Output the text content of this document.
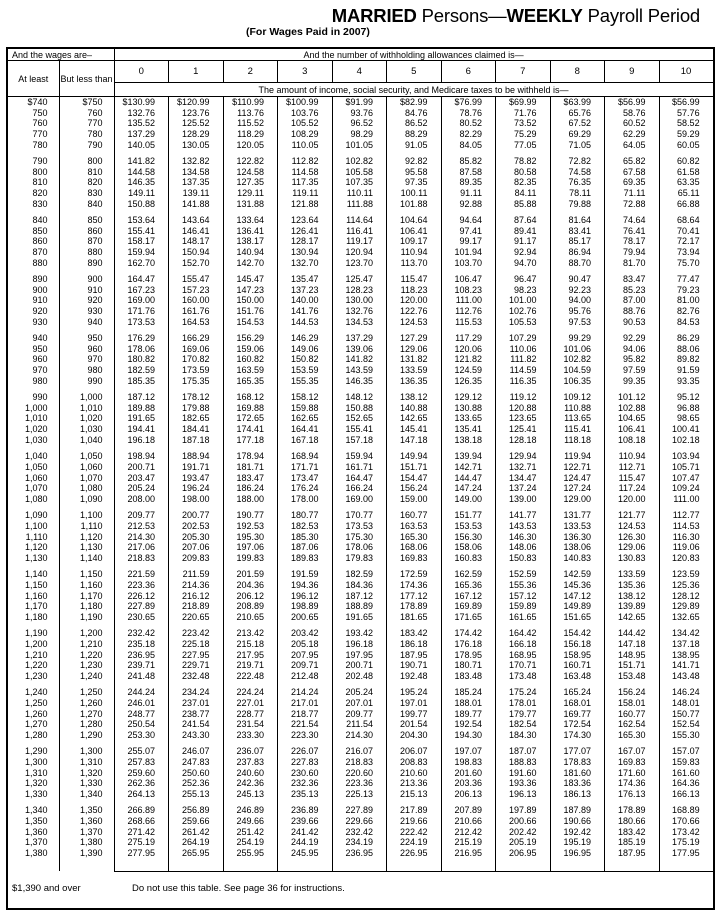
MARRIED Persons—WEEKLY Payroll Period
(For Wages Paid in 2007)
And the wages are–		And the number of withholding allowances claimed is—										
At least	But less than	0	1	2	3	4	5	6	7	8	9	10
		The amount of income, social security, and Medicare taxes to be withheld is—										
$740	$750	$130.99	$120.99	$110.99	$100.99	$91.99	$82.99	$76.99	$69.99	$63.99	$56.99	$56.99
750	760	132.76	123.76	113.76	103.76	93.76	84.76	78.76	71.76	65.76	58.76	57.76
760	770	135.52	125.52	115.52	105.52	96.52	86.52	80.52	73.52	67.52	60.52	58.52
770	780	137.29	128.29	118.29	108.29	98.29	88.29	82.29	75.29	69.29	62.29	59.29
780	790	140.05	130.05	120.05	110.05	101.05	91.05	84.05	77.05	71.05	64.05	60.05

790	800	141.82	132.82	122.82	112.82	102.82	92.82	85.82	78.82	72.82	65.82	60.82
800	810	144.58	134.58	124.58	114.58	105.58	95.58	87.58	80.58	74.58	67.58	61.58
810	820	146.35	137.35	127.35	117.35	107.35	97.35	89.35	82.35	76.35	69.35	63.35
820	830	149.11	139.11	129.11	119.11	110.11	100.11	91.11	84.11	78.11	71.11	65.11
830	840	150.88	141.88	131.88	121.88	111.88	101.88	92.88	85.88	79.88	72.88	66.88

840	850	153.64	143.64	133.64	123.64	114.64	104.64	94.64	87.64	81.64	74.64	68.64
850	860	155.41	146.41	136.41	126.41	116.41	106.41	97.41	89.41	83.41	76.41	70.41
860	870	158.17	148.17	138.17	128.17	119.17	109.17	99.17	91.17	85.17	78.17	72.17
870	880	159.94	150.94	140.94	130.94	120.94	110.94	101.94	92.94	86.94	79.94	73.94
880	890	162.70	152.70	142.70	132.70	123.70	113.70	103.70	94.70	88.70	81.70	75.70

890	900	164.47	155.47	145.47	135.47	125.47	115.47	106.47	96.47	90.47	83.47	77.47
900	910	167.23	157.23	147.23	137.23	128.23	118.23	108.23	98.23	92.23	85.23	79.23
910	920	169.00	160.00	150.00	140.00	130.00	120.00	111.00	101.00	94.00	87.00	81.00
920	930	171.76	161.76	151.76	141.76	132.76	122.76	112.76	102.76	95.76	88.76	82.76
930	940	173.53	164.53	154.53	144.53	134.53	124.53	115.53	105.53	97.53	90.53	84.53

940	950	176.29	166.29	156.29	146.29	137.29	127.29	117.29	107.29	99.29	92.29	86.29
950	960	178.06	169.06	159.06	149.06	139.06	129.06	120.06	110.06	101.06	94.06	88.06
960	970	180.82	170.82	160.82	150.82	141.82	131.82	121.82	111.82	102.82	95.82	89.82
970	980	182.59	173.59	163.59	153.59	143.59	133.59	124.59	114.59	104.59	97.59	91.59
980	990	185.35	175.35	165.35	155.35	146.35	136.35	126.35	116.35	106.35	99.35	93.35

990	1,000	187.12	178.12	168.12	158.12	148.12	138.12	129.12	119.12	109.12	101.12	95.12
1,000	1,010	189.88	179.88	169.88	159.88	150.88	140.88	130.88	120.88	110.88	102.88	96.88
1,010	1,020	191.65	182.65	172.65	162.65	152.65	142.65	133.65	123.65	113.65	104.65	98.65
1,020	1,030	194.41	184.41	174.41	164.41	155.41	145.41	135.41	125.41	115.41	106.41	100.41
1,030	1,040	196.18	187.18	177.18	167.18	157.18	147.18	138.18	128.18	118.18	108.18	102.18

1,040	1,050	198.94	188.94	178.94	168.94	159.94	149.94	139.94	129.94	119.94	110.94	103.94
1,050	1,060	200.71	191.71	181.71	171.71	161.71	151.71	142.71	132.71	122.71	112.71	105.71
1,060	1,070	203.47	193.47	183.47	173.47	164.47	154.47	144.47	134.47	124.47	115.47	107.47
1,070	1,080	205.24	196.24	186.24	176.24	166.24	156.24	147.24	137.24	127.24	117.24	109.24
1,080	1,090	208.00	198.00	188.00	178.00	169.00	159.00	149.00	139.00	129.00	120.00	111.00

1,090	1,100	209.77	200.77	190.77	180.77	170.77	160.77	151.77	141.77	131.77	121.77	112.77
1,100	1,110	212.53	202.53	192.53	182.53	173.53	163.53	153.53	143.53	133.53	124.53	114.53
1,110	1,120	214.30	205.30	195.30	185.30	175.30	165.30	156.30	146.30	136.30	126.30	116.30
1,120	1,130	217.06	207.06	197.06	187.06	178.06	168.06	158.06	148.06	138.06	129.06	119.06
1,130	1,140	218.83	209.83	199.83	189.83	179.83	169.83	160.83	150.83	140.83	130.83	120.83

1,140	1,150	221.59	211.59	201.59	191.59	182.59	172.59	162.59	152.59	142.59	133.59	123.59
1,150	1,160	223.36	214.36	204.36	194.36	184.36	174.36	165.36	155.36	145.36	135.36	125.36
1,160	1,170	226.12	216.12	206.12	196.12	187.12	177.12	167.12	157.12	147.12	138.12	128.12
1,170	1,180	227.89	218.89	208.89	198.89	188.89	178.89	169.89	159.89	149.89	139.89	129.89
1,180	1,190	230.65	220.65	210.65	200.65	191.65	181.65	171.65	161.65	151.65	142.65	132.65

1,190	1,200	232.42	223.42	213.42	203.42	193.42	183.42	174.42	164.42	154.42	144.42	134.42
1,200	1,210	235.18	225.18	215.18	205.18	196.18	186.18	176.18	166.18	156.18	147.18	137.18
1,210	1,220	236.95	227.95	217.95	207.95	197.95	187.95	178.95	168.95	158.95	148.95	138.95
1,220	1,230	239.71	229.71	219.71	209.71	200.71	190.71	180.71	170.71	160.71	151.71	141.71
1,230	1,240	241.48	232.48	222.48	212.48	202.48	192.48	183.48	173.48	163.48	153.48	143.48

1,240	1,250	244.24	234.24	224.24	214.24	205.24	195.24	185.24	175.24	165.24	156.24	146.24
1,250	1,260	246.01	237.01	227.01	217.01	207.01	197.01	188.01	178.01	168.01	158.01	148.01
1,260	1,270	248.77	238.77	228.77	218.77	209.77	199.77	189.77	179.77	169.77	160.77	150.77
1,270	1,280	250.54	241.54	231.54	221.54	211.54	201.54	192.54	182.54	172.54	162.54	152.54
1,280	1,290	253.30	243.30	233.30	223.30	214.30	204.30	194.30	184.30	174.30	165.30	155.30

1,290	1,300	255.07	246.07	236.07	226.07	216.07	206.07	197.07	187.07	177.07	167.07	157.07
1,300	1,310	257.83	247.83	237.83	227.83	218.83	208.83	198.83	188.83	178.83	169.83	159.83
1,310	1,320	259.60	250.60	240.60	230.60	220.60	210.60	201.60	191.60	181.60	171.60	161.60
1,320	1,330	262.36	252.36	242.36	232.36	223.36	213.36	203.36	193.36	183.36	174.36	164.36
1,330	1,340	264.13	255.13	245.13	235.13	225.13	215.13	206.13	196.13	186.13	176.13	166.13

1,340	1,350	266.89	256.89	246.89	236.89	227.89	217.89	207.89	197.89	187.89	178.89	168.89
1,350	1,360	268.66	259.66	249.66	239.66	229.66	219.66	210.66	200.66	190.66	180.66	170.66
1,360	1,370	271.42	261.42	251.42	241.42	232.42	222.42	212.42	202.42	192.42	183.42	173.42
1,370	1,380	275.19	264.19	254.19	244.19	234.19	224.19	215.19	205.19	195.19	185.19	175.19
1,380	1,390	277.95	265.95	255.95	245.95	236.95	226.95	216.95	206.95	196.95	187.95	177.95

$1,390 and over		Do not use this table. See page 36 for instructions.										
